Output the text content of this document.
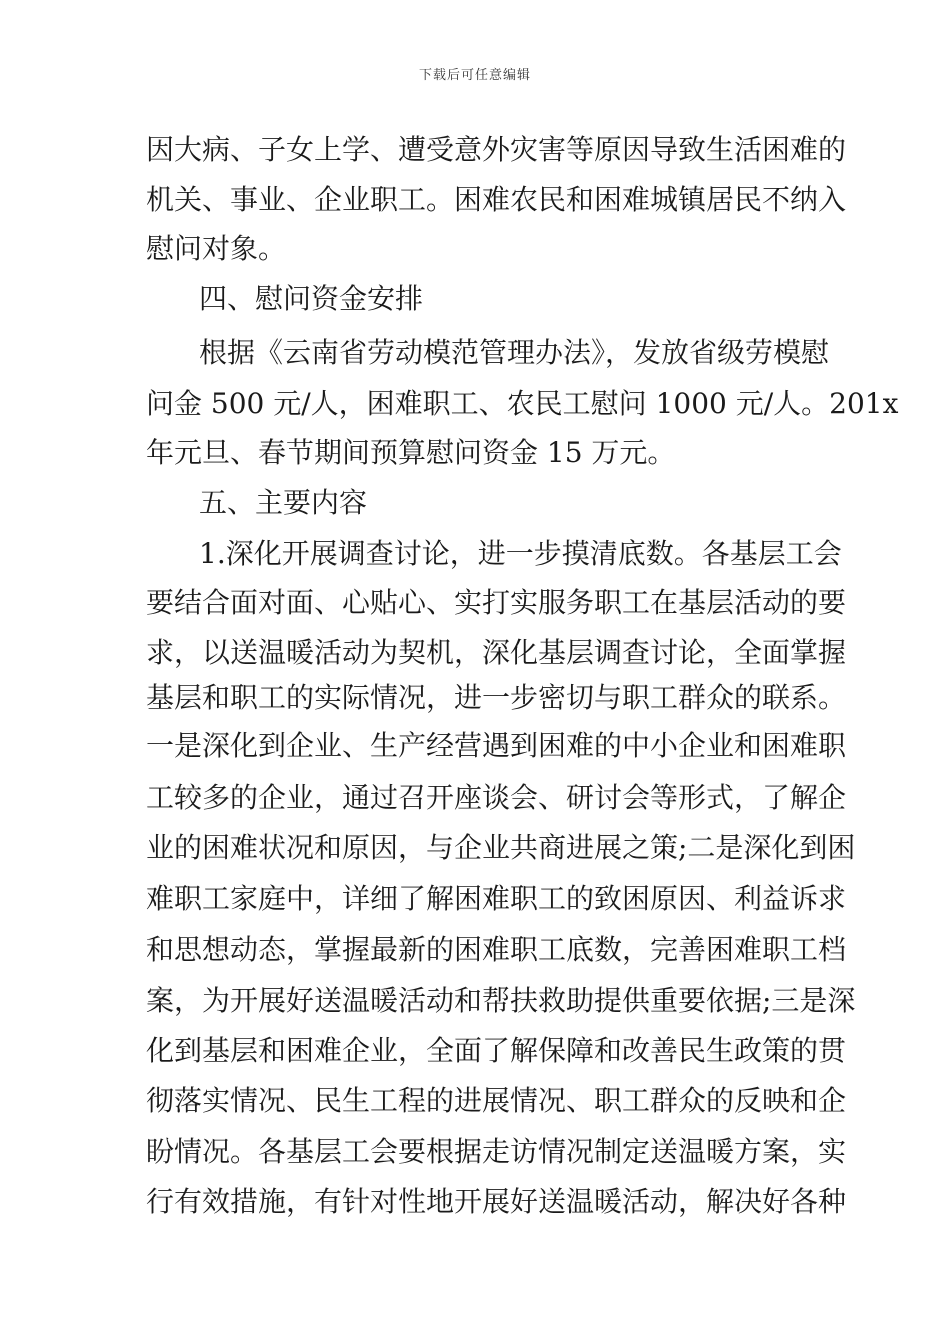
下载后可任意编辑
因大病、子女上学、遭受意外灾害等原因导致生活困难的
机关、事业、企业职工。困难农民和困难城镇居民不纳入
慰问对象。
四、慰问资金安排
根据《云南省劳动模范管理办法》，发放省级劳模慰
问金 500 元/人，困难职工、农民工慰问 1000 元/人。201x
年元旦、春节期间预算慰问资金 15 万元。
五、主要内容
1.深化开展调查讨论，进一步摸清底数。各基层工会
要结合面对面、心贴心、实打实服务职工在基层活动的要
求，以送温暖活动为契机，深化基层调查讨论，全面掌握
基层和职工的实际情况，进一步密切与职工群众的联系。
一是深化到企业、生产经营遇到困难的中小企业和困难职
工较多的企业，通过召开座谈会、研讨会等形式，了解企
业的困难状况和原因，与企业共商进展之策;二是深化到困
难职工家庭中，详细了解困难职工的致困原因、利益诉求
和思想动态，掌握最新的困难职工底数，完善困难职工档
案，为开展好送温暖活动和帮扶救助提供重要依据;三是深
化到基层和困难企业，全面了解保障和改善民生政策的贯
彻落实情况、民生工程的进展情况、职工群众的反映和企
盼情况。各基层工会要根据走访情况制定送温暖方案，实
行有效措施，有针对性地开展好送温暖活动，解决好各种
